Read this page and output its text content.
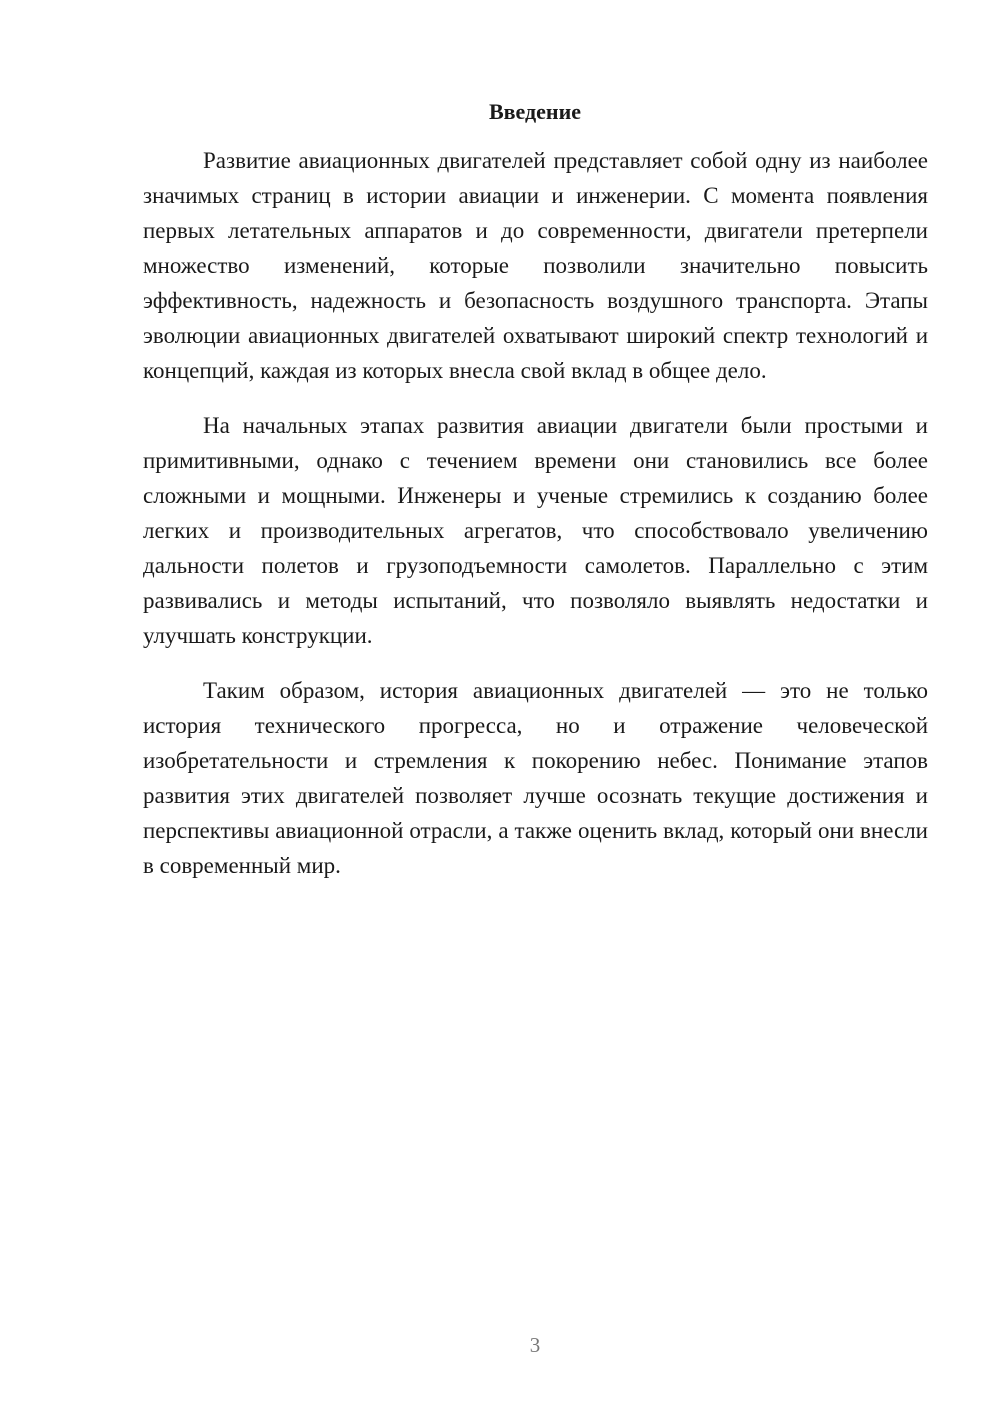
Введение

Развитие авиационных двигателей представляет собой одну из наиболее значимых страниц в истории авиации и инженерии. С момента появления первых летательных аппаратов и до современности, двигатели претерпели множество изменений, которые позволили значительно повысить эффективность, надежность и безопасность воздушного транспорта. Этапы эволюции авиационных двигателей охватывают широкий спектр технологий и концепций, каждая из которых внесла свой вклад в общее дело.

На начальных этапах развития авиации двигатели были простыми и примитивными, однако с течением времени они становились все более сложными и мощными. Инженеры и ученые стремились к созданию более легких и производительных агрегатов, что способствовало увеличению дальности полетов и грузоподъемности самолетов. Параллельно с этим развивались и методы испытаний, что позволяло выявлять недостатки и улучшать конструкции.

Таким образом, история авиационных двигателей — это не только история технического прогресса, но и отражение человеческой изобретательности и стремления к покорению небес. Понимание этапов развития этих двигателей позволяет лучше осознать текущие достижения и перспективы авиационной отрасли, а также оценить вклад, который они внесли в современный мир.

3
